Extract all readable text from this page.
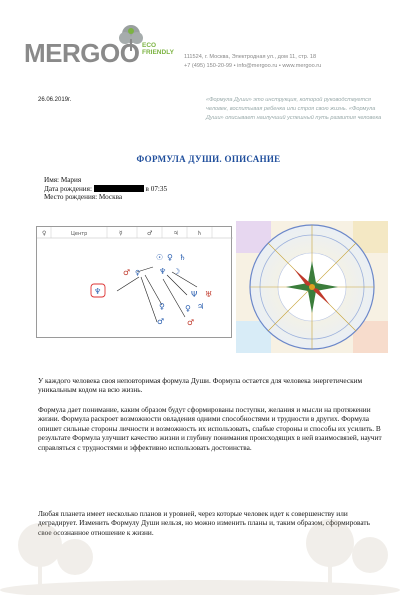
MERGOO ECO
FRIENDLY
111524, г. Москва, Электродная ул., дом 11, стр. 18
+7 (495) 150-20-99 • info@mergoo.ru • www.mergoo.ru
26.06.2019г.	«Формула Души» это инструкция, которой руководствуется человек, воспитывая ребенка или строя свою жизнь. «Формула Души» описывает наилучший успешный путь развития человека
ФОРМУЛА ДУШИ. ОПИСАНИЕ
Имя: Мария
Дата рождения:	в 07:35
Место рождения: Москва
♀	Центр	☿	♂	♃	♄
♆
♂ ♀
☉ ♀ ♄
♆ ☽
Ψ ♅
♀	♀ ♃
♂	♂
У каждого человека своя неповторимая формула Души. Формула остается для человека энергетическим уникальным кодом на всю жизнь.
Формула дает понимание, каким образом будут сформированы поступки, желания и мысли на протяжении жизни. Формула раскроет возможности овладения одними способностями и трудности в других. Формула опишет сильные стороны личности и возможность их использовать, слабые стороны и способы их усилить. В результате Формула улучшит качество жизни и глубину понимания происходящих в ней взаимосвязей, научит справляться с трудностями и эффективно использовать достоинства.
Любая планета имеет несколько планов и уровней, через которые человек идет к совершенству или деградирует. Изменить Формулу Души нельзя, но можно изменить планы и, таким образом, сформировать свое осознанное отношение к жизни.
